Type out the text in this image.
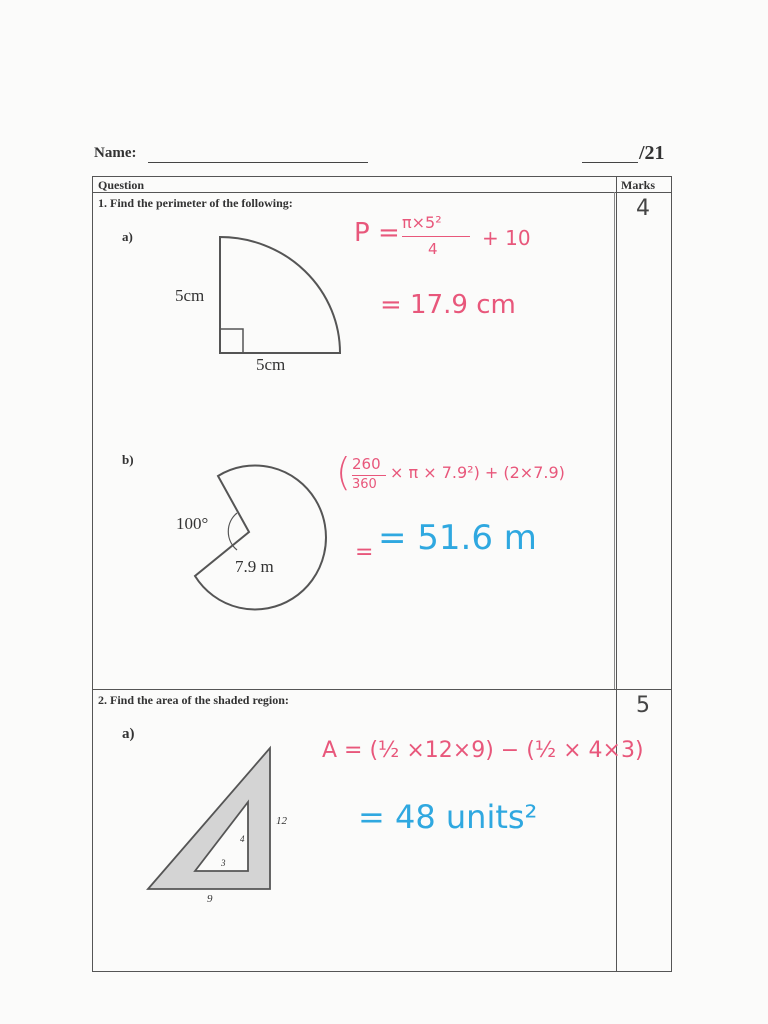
Name:	/21
Question	Marks
1. Find the perimeter of the following:	4
a)
b)
2. Find the area of the shaded region:	5
a)
5cm
5cm
100°
7.9 m
12
9
4
3
P = π×5²
4 + 10
= 17.9 cm
( 260
360
× π × 7.9²) + (2×7.9)
= = 51.6 m
A = (½ ×12×9) − (½ × 4×3)
= 48 units²
